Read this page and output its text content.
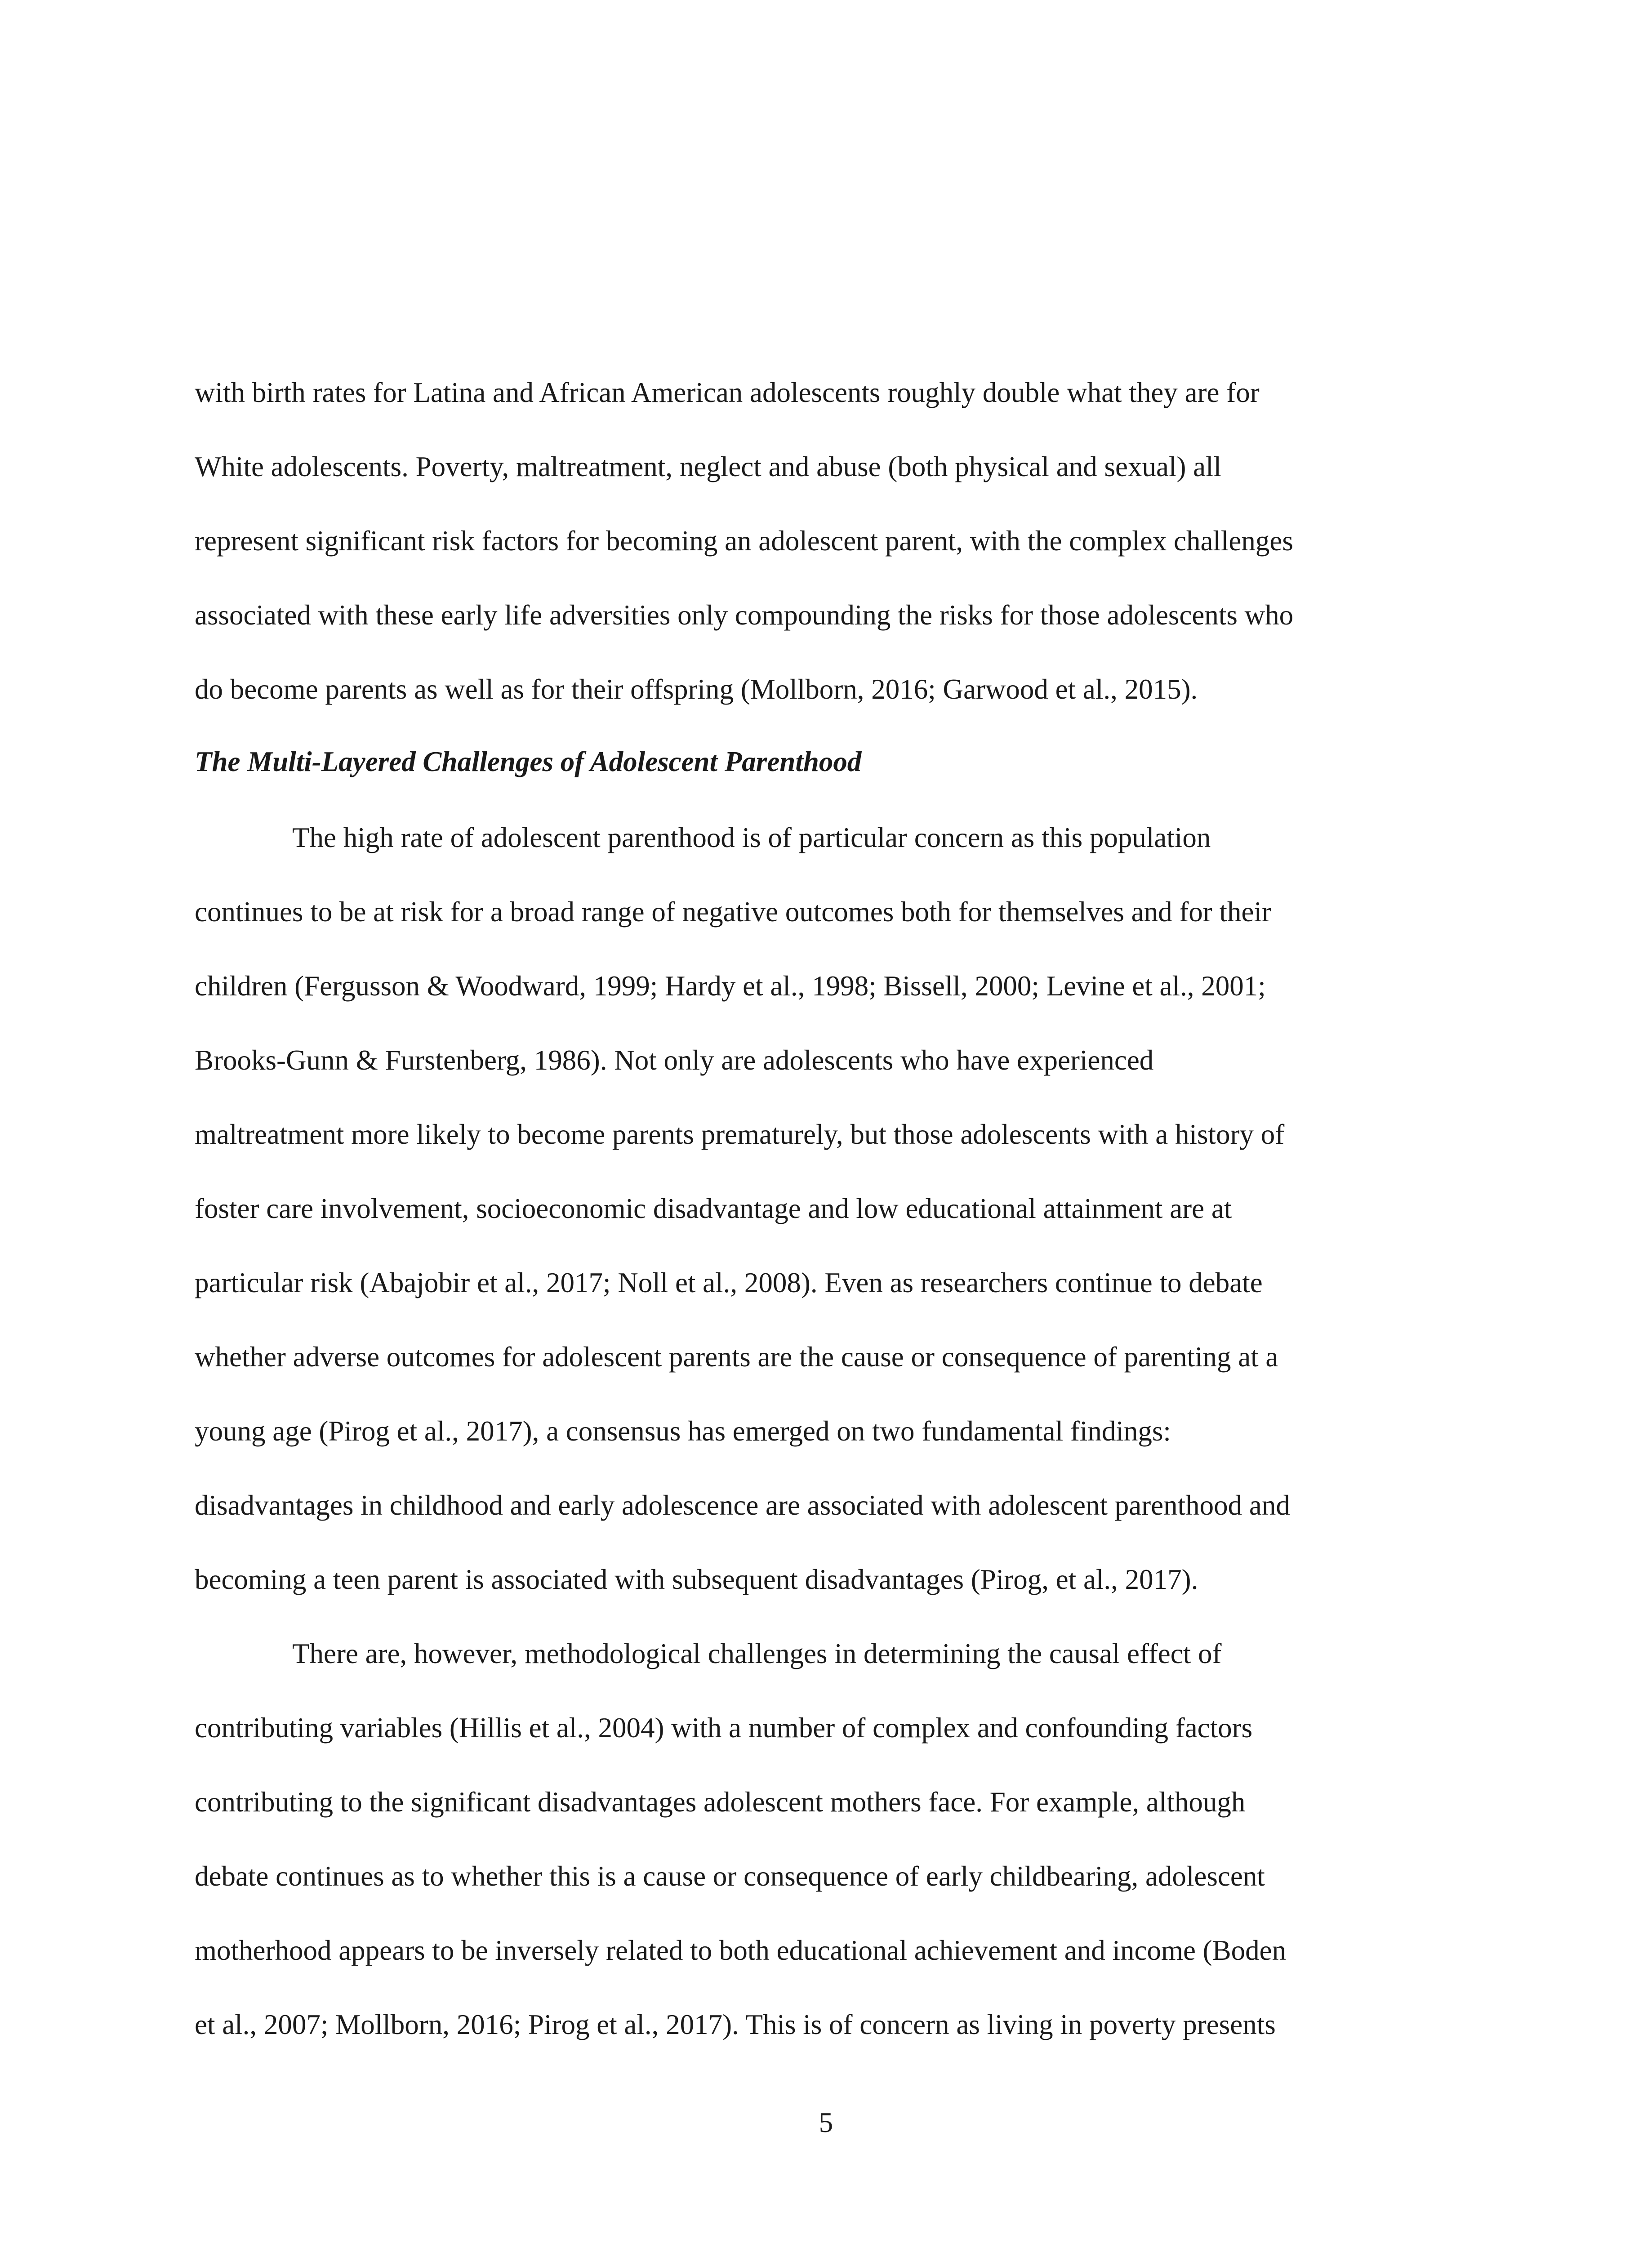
with birth rates for Latina and African American adolescents roughly double what they are for

White adolescents. Poverty, maltreatment, neglect and abuse (both physical and sexual) all

represent significant risk factors for becoming an adolescent parent, with the complex challenges

associated with these early life adversities only compounding the risks for those adolescents who

do become parents as well as for their offspring (Mollborn, 2016; Garwood et al., 2015).

The Multi-Layered Challenges of Adolescent Parenthood

The high rate of adolescent parenthood is of particular concern as this population

continues to be at risk for a broad range of negative outcomes both for themselves and for their

children (Fergusson & Woodward, 1999; Hardy et al., 1998; Bissell, 2000; Levine et al., 2001;

Brooks-Gunn & Furstenberg, 1986). Not only are adolescents who have experienced

maltreatment more likely to become parents prematurely, but those adolescents with a history of

foster care involvement, socioeconomic disadvantage and low educational attainment are at

particular risk (Abajobir et al., 2017; Noll et al., 2008). Even as researchers continue to debate

whether adverse outcomes for adolescent parents are the cause or consequence of parenting at a

young age (Pirog et al., 2017), a consensus has emerged on two fundamental findings:

disadvantages in childhood and early adolescence are associated with adolescent parenthood and

becoming a teen parent is associated with subsequent disadvantages (Pirog, et al., 2017).

There are, however, methodological challenges in determining the causal effect of

contributing variables (Hillis et al., 2004) with a number of complex and confounding factors

contributing to the significant disadvantages adolescent mothers face. For example, although

debate continues as to whether this is a cause or consequence of early childbearing, adolescent

motherhood appears to be inversely related to both educational achievement and income (Boden

et al., 2007; Mollborn, 2016; Pirog et al., 2017). This is of concern as living in poverty presents

5
